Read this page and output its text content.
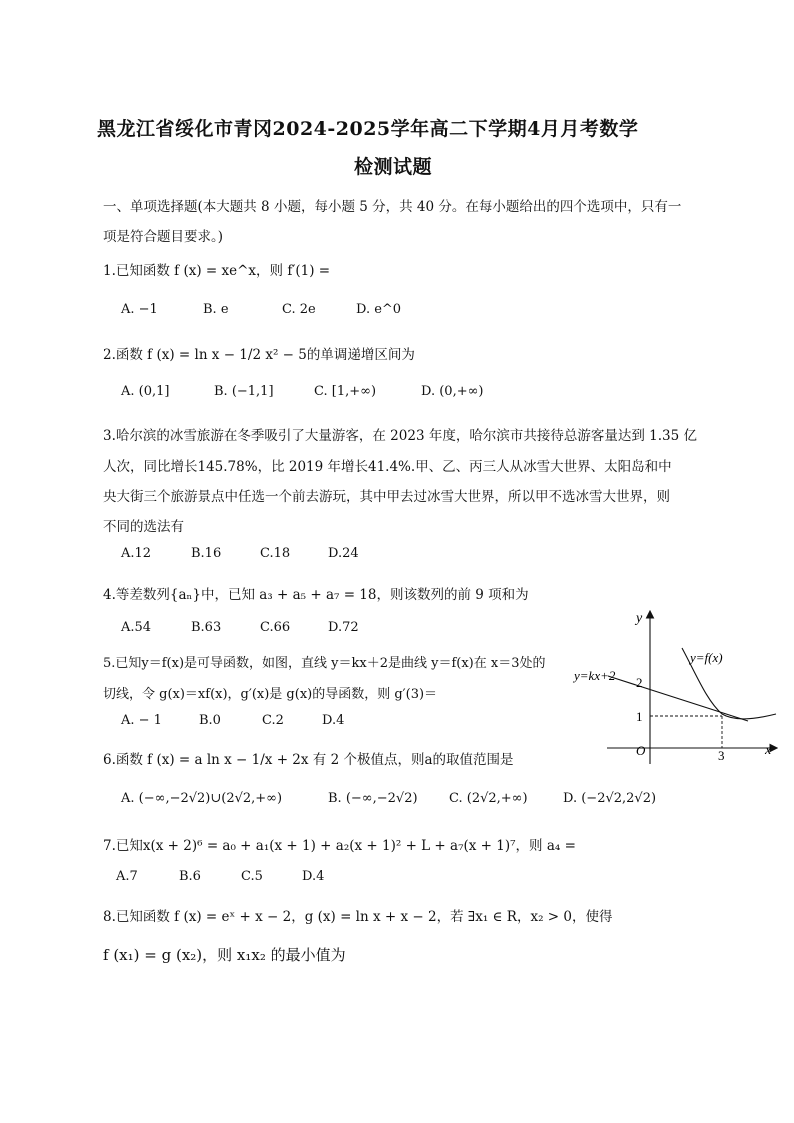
黑龙江省绥化市青冈2024-2025学年高二下学期4月月考数学
检测试题
一、单项选择题(本大题共 8 小题，每小题 5 分，共 40 分。在每小题给出的四个选项中，只有一
项是符合题目要求。)
1.已知函数 f (x) = xe^x，则 f′(1) =
A. −1	B. e	C. 2e	D. e^0
2.函数 f (x) = ln x − 1/2 x² − 5的单调递增区间为
A. (0,1]	B. (−1,1]	C. [1,+∞)	D. (0,+∞)
3.哈尔滨的冰雪旅游在冬季吸引了大量游客，在 2023 年度，哈尔滨市共接待总游客量达到 1.35 亿
人次，同比增长145.78%，比 2019 年增长41.4%.甲、乙、丙三人从冰雪大世界、太阳岛和中
央大街三个旅游景点中任选一个前去游玩，其中甲去过冰雪大世界，所以甲不选冰雪大世界，则
不同的选法有
A.12	B.16	C.18	D.24
4.等差数列{aₙ}中，已知 a₃ + a₅ + a₇ = 18，则该数列的前 9 项和为
A.54	B.63	C.66	D.72
5.已知y＝f(x)是可导函数，如图，直线 y＝kx＋2是曲线 y＝f(x)在 x＝3处的
切线，令 g(x)＝xf(x)，g′(x)是 g(x)的导函数，则 g′(3)＝
A. − 1	B.0	C.2	D.4
y
x
O
y=f(x)
y=kx+2 2
1
3
6.函数 f (x) = a ln x − 1/x + 2x 有 2 个极值点，则a的取值范围是
A. (−∞,−2√2)∪(2√2,+∞)	B. (−∞,−2√2) C. (2√2,+∞)	D. (−2√2,2√2)
7.已知x(x + 2)⁶ = a₀ + a₁(x + 1) + a₂(x + 1)² + L + a₇(x + 1)⁷，则 a₄ =
A.7	B.6	C.5	D.4
8.已知函数 f (x) = eˣ + x − 2，g (x) = ln x + x − 2，若 ∃x₁ ∈ R，x₂ > 0，使得
f (x₁) = g (x₂)，则 x₁x₂ 的最小值为
